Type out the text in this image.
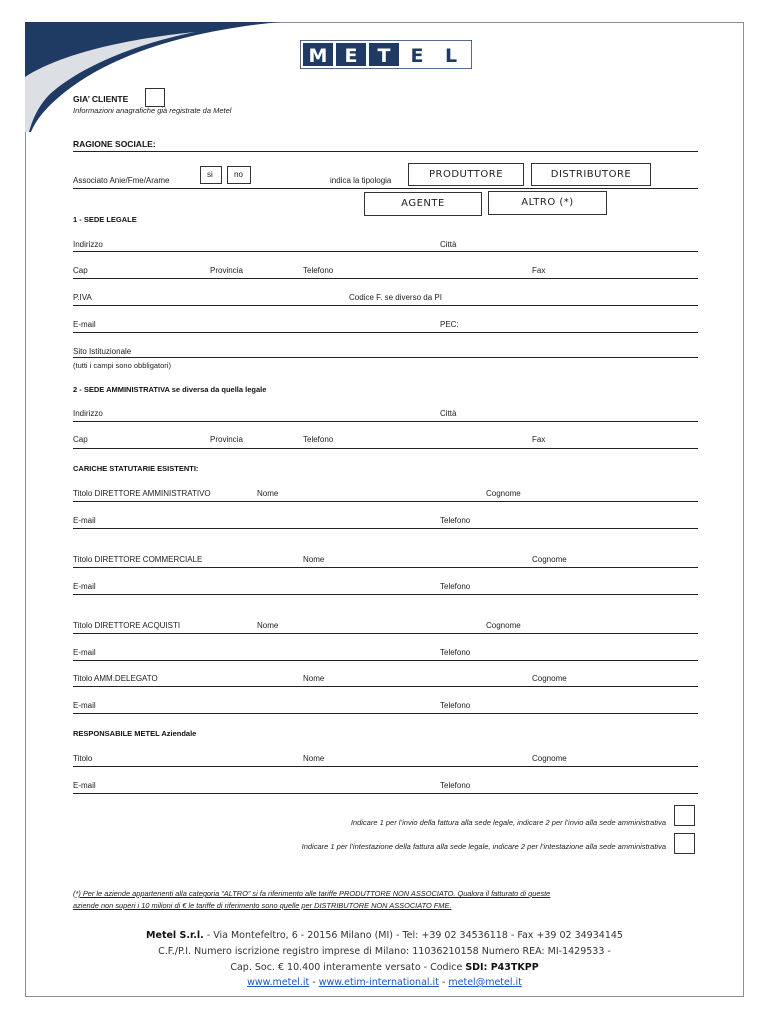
M E T E L
GIA’ CLIENTE
Informazioni anagrafiche già registrate da Metel
RAGIONE SOCIALE:
Associato Anie/Fme/Arame
si	no
indica la tipologia
PRODUTTORE	DISTRIBUTORE
AGENTE	ALTRO (*)
1 - SEDE LEGALE
Indirizzo	Città
Cap	Provincia	Telefono	Fax
P.IVA	Codice F. se diverso da PI
E-mail	PEC:
Sito Istituzionale
(tutti i campi sono obbligatori)
2 - SEDE AMMINISTRATIVA se diversa da quella legale
Indirizzo	Città
Cap	Provincia	Telefono	Fax
CARICHE STATUTARIE ESISTENTI:
Titolo DIRETTORE AMMINISTRATIVO	Nome	Cognome
E-mail	Telefono
Titolo DIRETTORE COMMERCIALE	Nome	Cognome
E-mail	Telefono
Titolo DIRETTORE ACQUISTI	Nome	Cognome
E-mail	Telefono
Titolo AMM.DELEGATO	Nome	Cognome
E-mail	Telefono
RESPONSABILE METEL Aziendale
Titolo	Nome	Cognome
E-mail	Telefono
Indicare 1 per l’invio della fattura alla sede legale, indicare 2 per l’invio alla sede amministrativa
Indicare 1 per l’intestazione della fattura alla sede legale, indicare 2 per l’intestazione alla sede amministrativa
(*) Per le aziende appartenenti alla categoria “ALTRO” si fa riferimento alle tariffe PRODUTTORE NON ASSOCIATO. Qualora il fatturato di queste
aziende non superi i 10 milioni di € le tariffe di riferimento sono quelle per DISTRIBUTORE NON ASSOCIATO FME.
Metel S.r.l. - Via Montefeltro, 6 - 20156 Milano (MI) - Tel: +39 02 34536118 - Fax +39 02 34934145
C.F./P.I. Numero iscrizione registro imprese di Milano: 11036210158 Numero REA: MI-1429533 -
Cap. Soc. € 10.400 interamente versato - Codice SDI: P43TKPP
www.metel.it - www.etim-international.it - metel@metel.it
